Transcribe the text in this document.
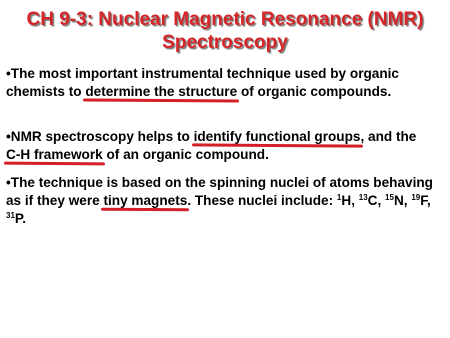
CH 9-3: Nuclear Magnetic Resonance (NMR)
Spectroscopy

•The most important instrumental technique used by organic chemists to determine the structure of organic compounds.

•NMR spectroscopy helps to identify functional groups, and the C-H framework of an organic compound.

•The technique is based on the spinning nuclei of atoms behaving as if they were tiny magnets. These nuclei include: $^1$H, $^{13}$C, $^{15}$N, $^{19}$F, $^{31}$P.
